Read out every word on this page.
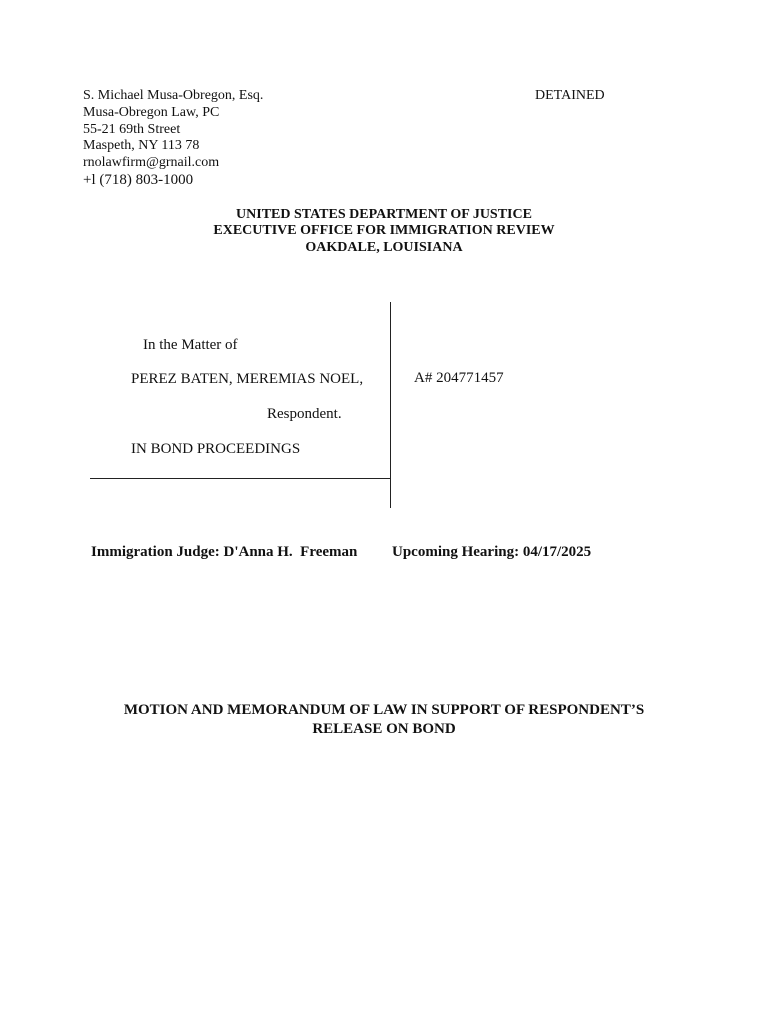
S. Michael Musa-Obregon, Esq.
Musa-Obregon Law, PC
55-21 69th Street
Maspeth, NY 113 78
rnolawfirm@grnail.com
+l (718) 803-1000
DETAINED
UNITED STATES DEPARTMENT OF JUSTICE
EXECUTIVE OFFICE FOR IMMIGRATION REVIEW
OAKDALE, LOUISIANA
In the Matter of
PEREZ BATEN, MEREMIAS NOEL,
Respondent.
IN BOND PROCEEDINGS
A# 204771457
Immigration Judge: D'Anna H.  Freeman Upcoming Hearing: 04/17/2025
MOTION AND MEMORANDUM OF LAW IN SUPPORT OF RESPONDENT’S
RELEASE ON BOND
